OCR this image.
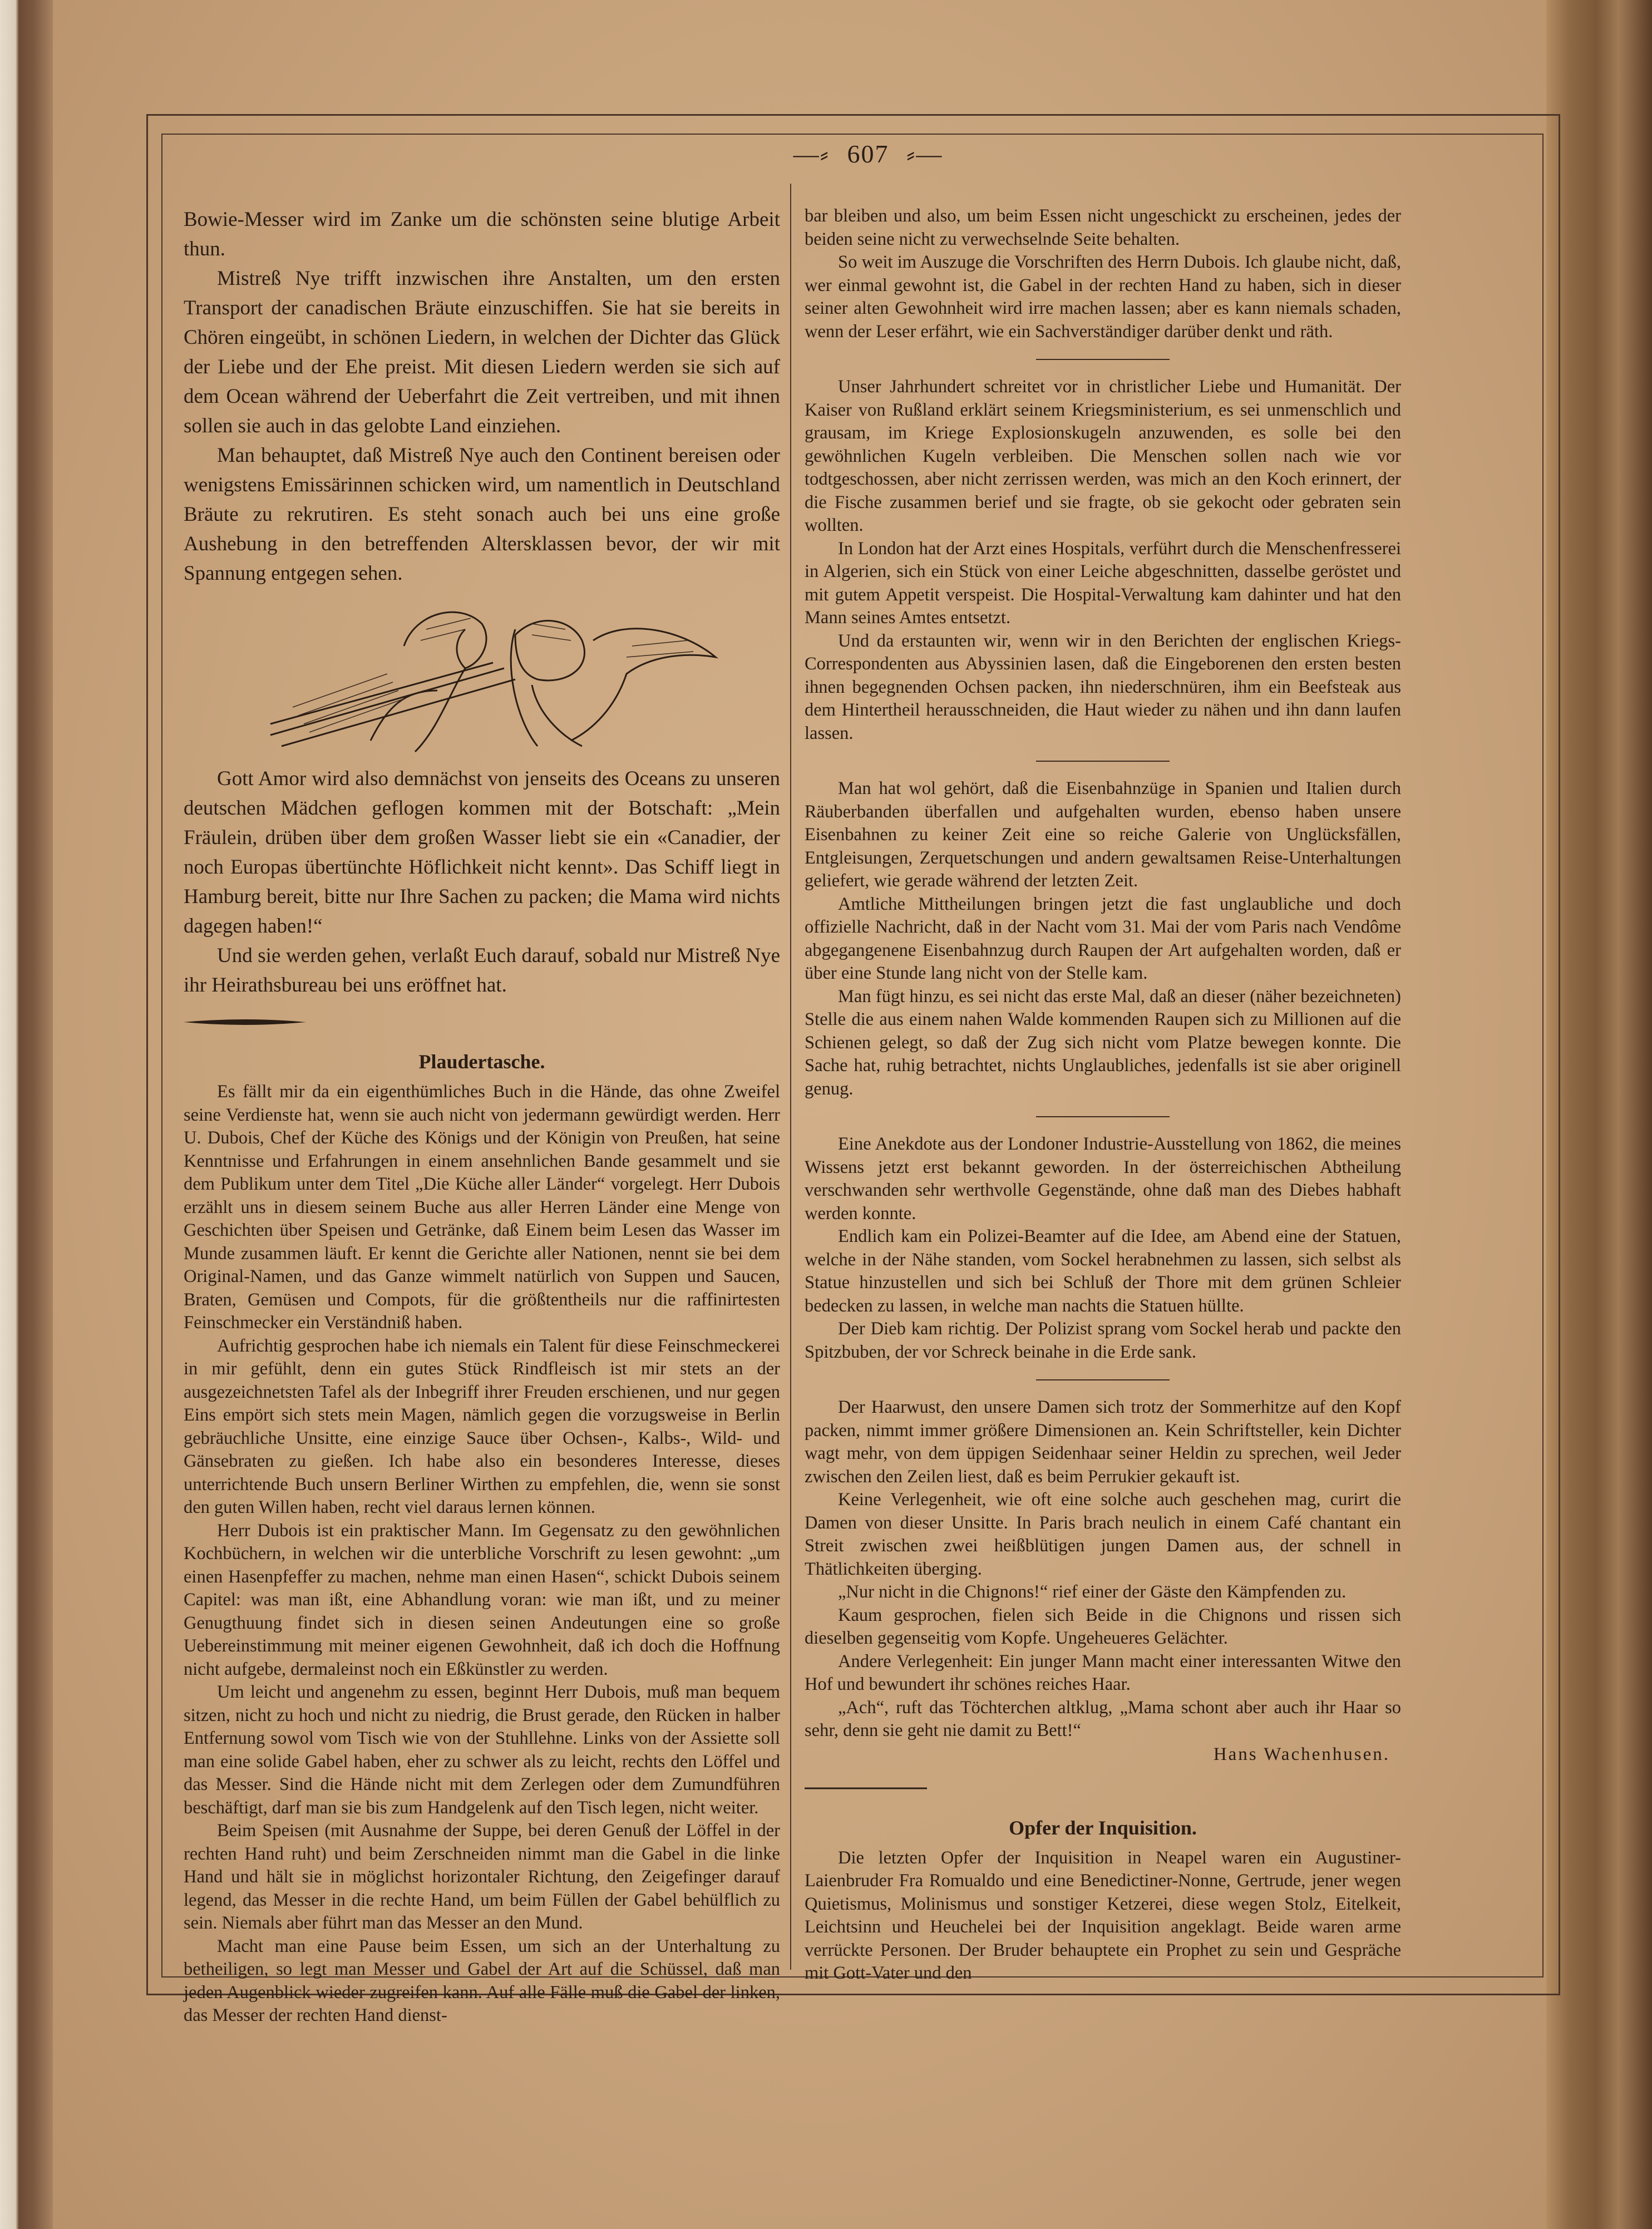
—⸗ 607 ⸗—

Bowie-Messer wird im Zanke um die schönsten seine blutige Arbeit thun.

Mistreß Nye trifft inzwischen ihre Anstalten, um den ersten Transport der canadischen Bräute einzuschiffen. Sie hat sie bereits in Chören eingeübt, in schönen Liedern, in welchen der Dichter das Glück der Liebe und der Ehe preist. Mit diesen Liedern werden sie sich auf dem Ocean während der Ueberfahrt die Zeit vertreiben, und mit ihnen sollen sie auch in das gelobte Land einziehen.

Man behauptet, daß Mistreß Nye auch den Continent bereisen oder wenigstens Emissärinnen schicken wird, um namentlich in Deutschland Bräute zu rekrutiren. Es steht sonach auch bei uns eine große Aushebung in den betreffenden Altersklassen bevor, der wir mit Spannung entgegen sehen.

Gott Amor wird also demnächst von jenseits des Oceans zu unseren deutschen Mädchen geflogen kommen mit der Botschaft: „Mein Fräulein, drüben über dem großen Wasser liebt sie ein «Canadier, der noch Europas übertünchte Höflichkeit nicht kennt». Das Schiff liegt in Hamburg bereit, bitte nur Ihre Sachen zu packen; die Mama wird nichts dagegen haben!“

Und sie werden gehen, verlaßt Euch darauf, sobald nur Mistreß Nye ihr Heirathsbureau bei uns eröffnet hat.

Plaudertasche.

Es fällt mir da ein eigenthümliches Buch in die Hände, das ohne Zweifel seine Verdienste hat, wenn sie auch nicht von jedermann gewürdigt werden. Herr U. Dubois, Chef der Küche des Königs und der Königin von Preußen, hat seine Kenntnisse und Erfahrungen in einem ansehnlichen Bande gesammelt und sie dem Publikum unter dem Titel „Die Küche aller Länder“ vorgelegt. Herr Dubois erzählt uns in diesem seinem Buche aus aller Herren Länder eine Menge von Geschichten über Speisen und Getränke, daß Einem beim Lesen das Wasser im Munde zusammen läuft. Er kennt die Gerichte aller Nationen, nennt sie bei dem Original-Namen, und das Ganze wimmelt natürlich von Suppen und Saucen, Braten, Gemüsen und Compots, für die größtentheils nur die raffinirtesten Feinschmecker ein Verständniß haben.

Aufrichtig gesprochen habe ich niemals ein Talent für diese Feinschmeckerei in mir gefühlt, denn ein gutes Stück Rindfleisch ist mir stets an der ausgezeichnetsten Tafel als der Inbegriff ihrer Freuden erschienen, und nur gegen Eins empört sich stets mein Magen, nämlich gegen die vorzugsweise in Berlin gebräuchliche Unsitte, eine einzige Sauce über Ochsen-, Kalbs-, Wild- und Gänsebraten zu gießen. Ich habe also ein besonderes Interesse, dieses unterrichtende Buch unsern Berliner Wirthen zu empfehlen, die, wenn sie sonst den guten Willen haben, recht viel daraus lernen können.

Herr Dubois ist ein praktischer Mann. Im Gegensatz zu den gewöhnlichen Kochbüchern, in welchen wir die unterbliche Vorschrift zu lesen gewohnt: „um einen Hasenpfeffer zu machen, nehme man einen Hasen“, schickt Dubois seinem Capitel: was man ißt, eine Abhandlung voran: wie man ißt, und zu meiner Genugthuung findet sich in diesen seinen Andeutungen eine so große Uebereinstimmung mit meiner eigenen Gewohnheit, daß ich doch die Hoffnung nicht aufgebe, dermaleinst noch ein Eßkünstler zu werden.

Um leicht und angenehm zu essen, beginnt Herr Dubois, muß man bequem sitzen, nicht zu hoch und nicht zu niedrig, die Brust gerade, den Rücken in halber Entfernung sowol vom Tisch wie von der Stuhllehne. Links von der Assiette soll man eine solide Gabel haben, eher zu schwer als zu leicht, rechts den Löffel und das Messer. Sind die Hände nicht mit dem Zerlegen oder dem Zumundführen beschäftigt, darf man sie bis zum Handgelenk auf den Tisch legen, nicht weiter.

Beim Speisen (mit Ausnahme der Suppe, bei deren Genuß der Löffel in der rechten Hand ruht) und beim Zerschneiden nimmt man die Gabel in die linke Hand und hält sie in möglichst horizontaler Richtung, den Zeigefinger darauf legend, das Messer in die rechte Hand, um beim Füllen der Gabel behülflich zu sein. Niemals aber führt man das Messer an den Mund.

Macht man eine Pause beim Essen, um sich an der Unterhaltung zu betheiligen, so legt man Messer und Gabel der Art auf die Schüssel, daß man jeden Augenblick wieder zugreifen kann. Auf alle Fälle muß die Gabel der linken, das Messer der rechten Hand dienst-

bar bleiben und also, um beim Essen nicht ungeschickt zu erscheinen, jedes der beiden seine nicht zu verwechselnde Seite behalten.

So weit im Auszuge die Vorschriften des Herrn Dubois. Ich glaube nicht, daß, wer einmal gewohnt ist, die Gabel in der rechten Hand zu haben, sich in dieser seiner alten Gewohnheit wird irre machen lassen; aber es kann niemals schaden, wenn der Leser erfährt, wie ein Sachverständiger darüber denkt und räth.

Unser Jahrhundert schreitet vor in christlicher Liebe und Humanität. Der Kaiser von Rußland erklärt seinem Kriegsministerium, es sei unmenschlich und grausam, im Kriege Explosionskugeln anzuwenden, es solle bei den gewöhnlichen Kugeln verbleiben. Die Menschen sollen nach wie vor todtgeschossen, aber nicht zerrissen werden, was mich an den Koch erinnert, der die Fische zusammen berief und sie fragte, ob sie gekocht oder gebraten sein wollten.

In London hat der Arzt eines Hospitals, verführt durch die Menschenfresserei in Algerien, sich ein Stück von einer Leiche abgeschnitten, dasselbe geröstet und mit gutem Appetit verspeist. Die Hospital-Verwaltung kam dahinter und hat den Mann seines Amtes entsetzt.

Und da erstaunten wir, wenn wir in den Berichten der englischen Kriegs-Correspondenten aus Abyssinien lasen, daß die Eingeborenen den ersten besten ihnen begegnenden Ochsen packen, ihn niederschnüren, ihm ein Beefsteak aus dem Hintertheil herausschneiden, die Haut wieder zu nähen und ihn dann laufen lassen.

Man hat wol gehört, daß die Eisenbahnzüge in Spanien und Italien durch Räuberbanden überfallen und aufgehalten wurden, ebenso haben unsere Eisenbahnen zu keiner Zeit eine so reiche Galerie von Unglücksfällen, Entgleisungen, Zerquetschungen und andern gewaltsamen Reise-Unterhaltungen geliefert, wie gerade während der letzten Zeit.

Amtliche Mittheilungen bringen jetzt die fast unglaubliche und doch offizielle Nachricht, daß in der Nacht vom 31. Mai der vom Paris nach Vendôme abgegangenene Eisenbahnzug durch Raupen der Art aufgehalten worden, daß er über eine Stunde lang nicht von der Stelle kam.

Man fügt hinzu, es sei nicht das erste Mal, daß an dieser (näher bezeichneten) Stelle die aus einem nahen Walde kommenden Raupen sich zu Millionen auf die Schienen gelegt, so daß der Zug sich nicht vom Platze bewegen konnte. Die Sache hat, ruhig betrachtet, nichts Unglaubliches, jedenfalls ist sie aber originell genug.

Eine Anekdote aus der Londoner Industrie-Ausstellung von 1862, die meines Wissens jetzt erst bekannt geworden. In der österreichischen Abtheilung verschwanden sehr werthvolle Gegenstände, ohne daß man des Diebes habhaft werden konnte.

Endlich kam ein Polizei-Beamter auf die Idee, am Abend eine der Statuen, welche in der Nähe standen, vom Sockel herabnehmen zu lassen, sich selbst als Statue hinzustellen und sich bei Schluß der Thore mit dem grünen Schleier bedecken zu lassen, in welche man nachts die Statuen hüllte.

Der Dieb kam richtig. Der Polizist sprang vom Sockel herab und packte den Spitzbuben, der vor Schreck beinahe in die Erde sank.

Der Haarwust, den unsere Damen sich trotz der Sommerhitze auf den Kopf packen, nimmt immer größere Dimensionen an. Kein Schriftsteller, kein Dichter wagt mehr, von dem üppigen Seidenhaar seiner Heldin zu sprechen, weil Jeder zwischen den Zeilen liest, daß es beim Perrukier gekauft ist.

Keine Verlegenheit, wie oft eine solche auch geschehen mag, curirt die Damen von dieser Unsitte. In Paris brach neulich in einem Café chantant ein Streit zwischen zwei heißblütigen jungen Damen aus, der schnell in Thätlichkeiten überging.

„Nur nicht in die Chignons!“ rief einer der Gäste den Kämpfenden zu.

Kaum gesprochen, fielen sich Beide in die Chignons und rissen sich dieselben gegenseitig vom Kopfe. Ungeheueres Gelächter.

Andere Verlegenheit: Ein junger Mann macht einer interessanten Witwe den Hof und bewundert ihr schönes reiches Haar.

„Ach“, ruft das Töchterchen altklug, „Mama schont aber auch ihr Haar so sehr, denn sie geht nie damit zu Bett!“

Hans Wachenhusen.
Opfer der Inquisition.

Die letzten Opfer der Inquisition in Neapel waren ein Augustiner-Laienbruder Fra Romualdo und eine Benedictiner-Nonne, Gertrude, jener wegen Quietismus, Molinismus und sonstiger Ketzerei, diese wegen Stolz, Eitelkeit, Leichtsinn und Heuchelei bei der Inquisition angeklagt. Beide waren arme verrückte Personen. Der Bruder behauptete ein Prophet zu sein und Gespräche mit Gott-Vater und den
